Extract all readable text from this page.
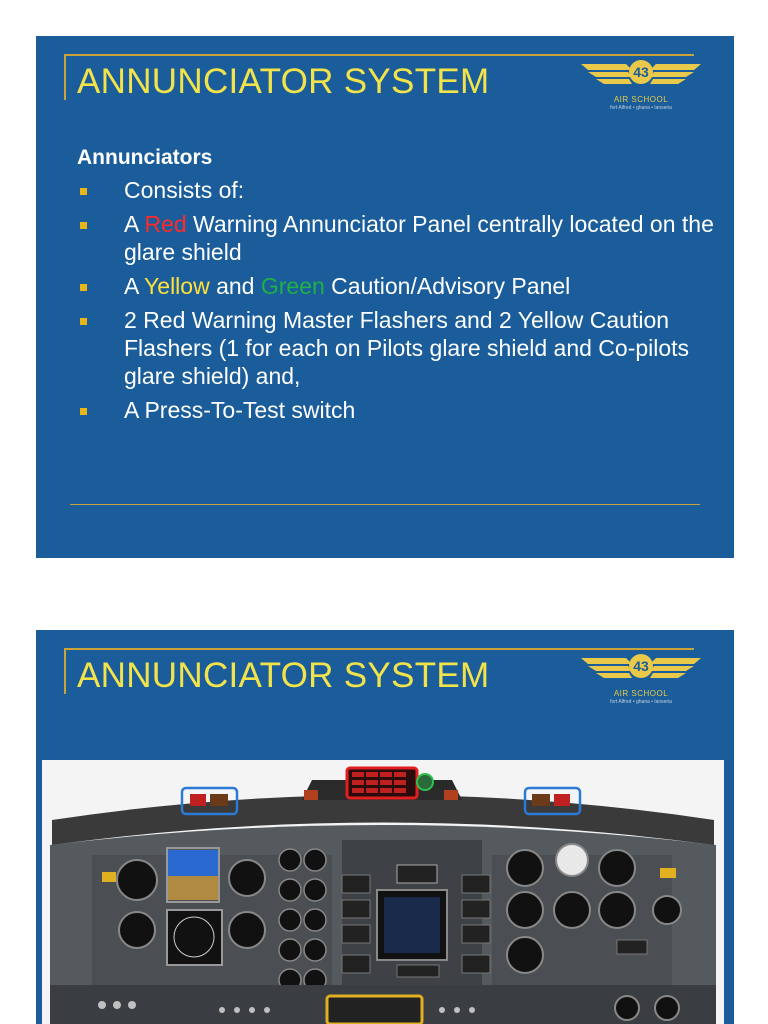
ANNUNCIATOR SYSTEM	43
AIR SCHOOL
fort Alfred • ghana • lanseria
Annunciators
Consists of:
A Red Warning Annunciator Panel centrally located on the glare shield
A Yellow and Green Caution/Advisory Panel
2 Red Warning Master Flashers and 2 Yellow Caution Flashers (1 for each on Pilots glare shield and Co-pilots glare shield) and,
A Press-To-Test switch
ANNUNCIATOR SYSTEM	43
AIR SCHOOL
fort Alfred • ghana • lanseria
